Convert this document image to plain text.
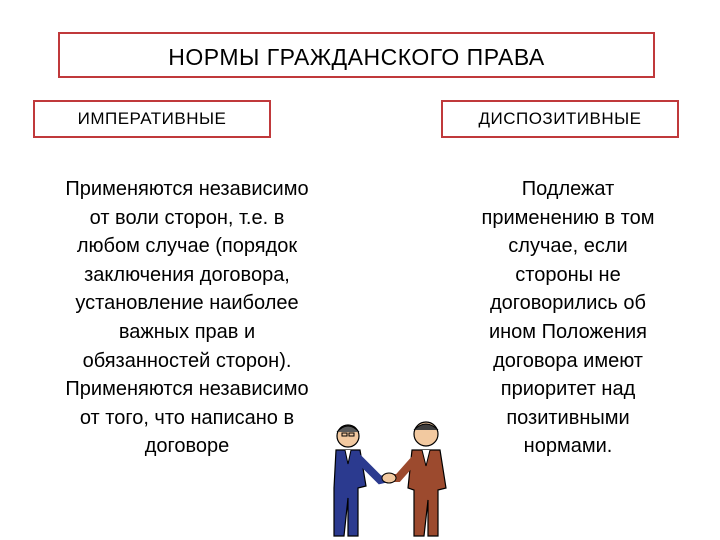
НОРМЫ ГРАЖДАНСКОГО ПРАВА
ИМПЕРАТИВНЫЕ	ДИСПОЗИТИВНЫЕ
Применяются независимо
от воли сторон, т.е. в
любом случае (порядок
заключения договора,
установление наиболее
важных прав и
обязанностей сторон).
Применяются независимо
от того, что написано в
договоре
Подлежат
применению в том
случае, если
стороны не
договорились об
ином Положения
договора имеют
приоритет над
позитивными
нормами.
